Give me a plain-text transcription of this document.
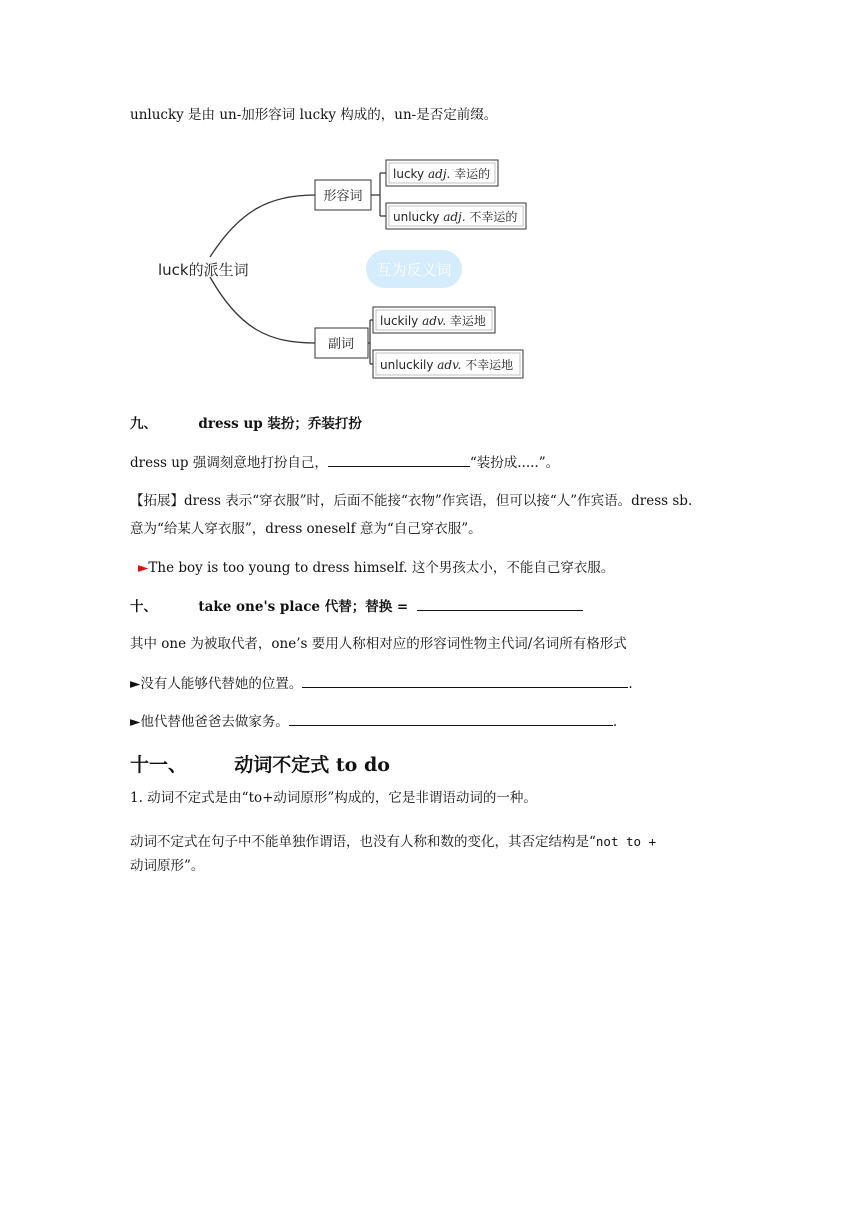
unlucky 是由 un-加形容词 lucky 构成的，un-是否定前缀。
luck的派生词
形容词
lucky adj. 幸运的
unlucky adj. 不幸运的
互为反义词
副词
luckily adv. 幸运地
unluckily adv. 不幸运地
九、	dress up 装扮；乔装打扮
dress up 强调刻意地打扮自己，	“装扮成.....”。
【拓展】dress 表示“穿衣服”时，后面不能接“衣物”作宾语，但可以接“人”作宾语。dress sb.
意为“给某人穿衣服”，dress oneself 意为“自己穿衣服”。
►The boy is too young to dress himself. 这个男孩太小，不能自己穿衣服。
十、	take one's place 代替；替换 =
其中 one 为被取代者，one’s 要用人称相对应的形容词性物主代词/名词所有格形式
►没有人能够代替她的位置。	.
►他代替他爸爸去做家务。	.
十一、 动词不定式 to do
1. 动词不定式是由“to+动词原形”构成的，它是非谓语动词的一种。
动词不定式在句子中不能单独作谓语，也没有人称和数的变化，其否定结构是“not to +
动词原形”。
